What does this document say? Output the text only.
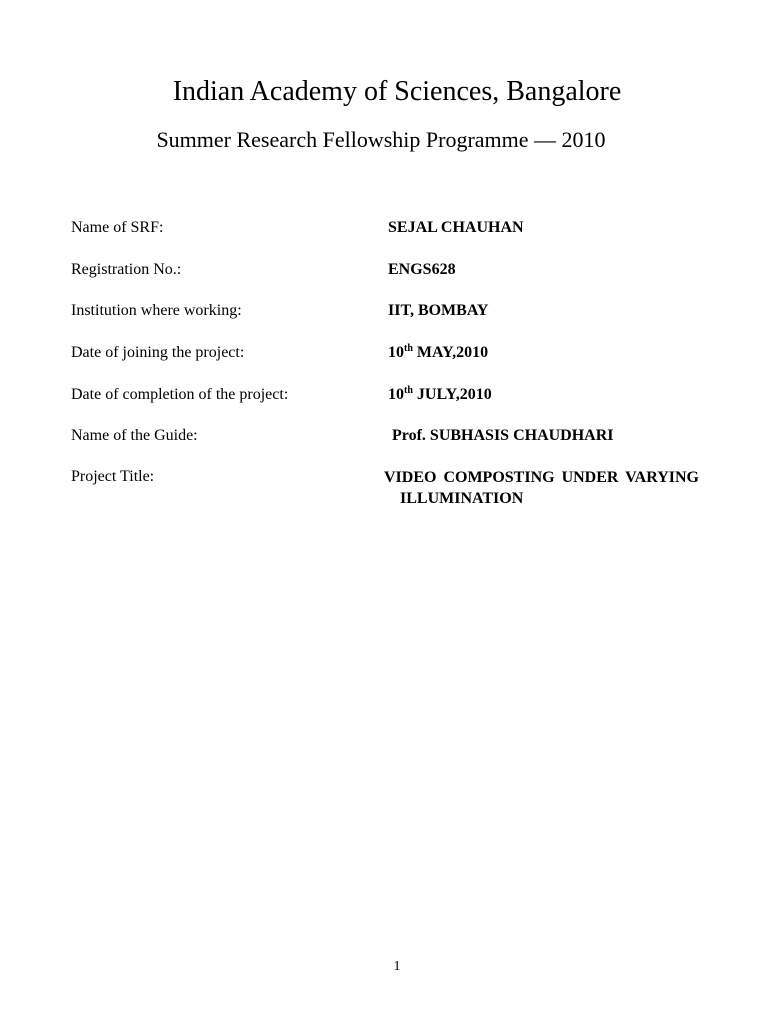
Indian Academy of Sciences, Bangalore
Summer Research Fellowship Programme — 2010
Name of SRF:	SEJAL CHAUHAN
Registration No.:	ENGS628
Institution where working:	IIT, BOMBAY
Date of joining the project:	10th MAY,2010
Date of completion of the project:	10th JULY,2010
Name of the Guide:	Prof. SUBHASIS CHAUDHARI
Project Title:	VIDEO COMPOSTING UNDER VARYING
ILLUMINATION
1
